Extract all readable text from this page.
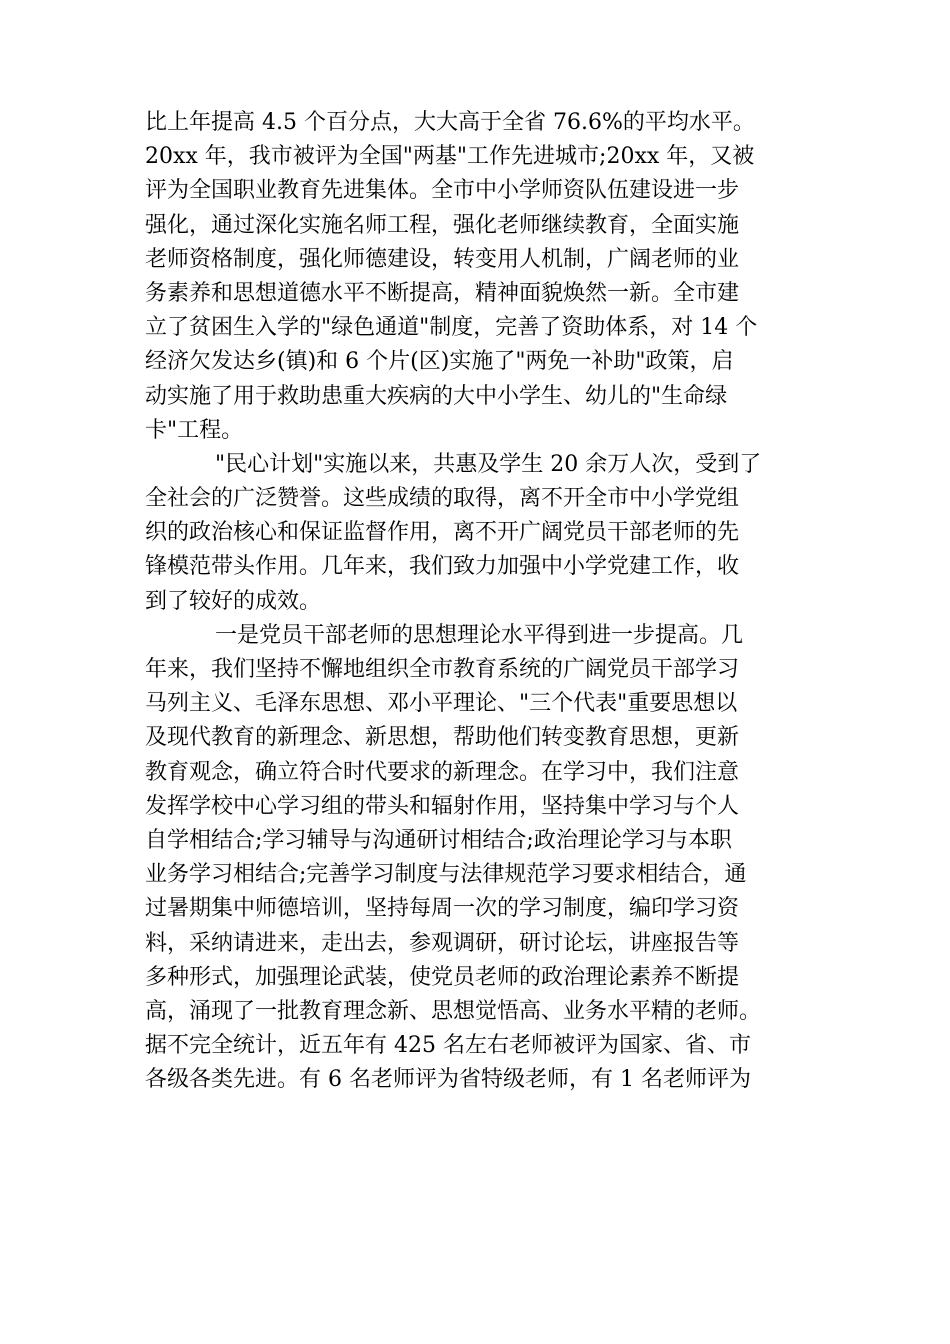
比上年提高 4.5 个百分点，大大高于全省 76.6%的平均水平。
20xx 年，我市被评为全国"两基"工作先进城市;20xx 年，又被
评为全国职业教育先进集体。全市中小学师资队伍建设进一步
强化，通过深化实施名师工程，强化老师继续教育，全面实施
老师资格制度，强化师德建设，转变用人机制，广阔老师的业
务素养和思想道德水平不断提高，精神面貌焕然一新。全市建
立了贫困生入学的"绿色通道"制度，完善了资助体系，对 14 个
经济欠发达乡(镇)和 6 个片(区)实施了"两免一补助"政策，启
动实施了用于救助患重大疾病的大中小学生、幼儿的"生命绿
卡"工程。
"民心计划"实施以来，共惠及学生 20 余万人次，受到了
全社会的广泛赞誉。这些成绩的取得，离不开全市中小学党组
织的政治核心和保证监督作用，离不开广阔党员干部老师的先
锋模范带头作用。几年来，我们致力加强中小学党建工作，收
到了较好的成效。
一是党员干部老师的思想理论水平得到进一步提高。几
年来，我们坚持不懈地组织全市教育系统的广阔党员干部学习
马列主义、毛泽东思想、邓小平理论、"三个代表"重要思想以
及现代教育的新理念、新思想，帮助他们转变教育思想，更新
教育观念，确立符合时代要求的新理念。在学习中，我们注意
发挥学校中心学习组的带头和辐射作用，坚持集中学习与个人
自学相结合;学习辅导与沟通研讨相结合;政治理论学习与本职
业务学习相结合;完善学习制度与法律规范学习要求相结合，通
过暑期集中师德培训，坚持每周一次的学习制度，编印学习资
料，采纳请进来，走出去，参观调研，研讨论坛，讲座报告等
多种形式，加强理论武装，使党员老师的政治理论素养不断提
高，涌现了一批教育理念新、思想觉悟高、业务水平精的老师。
据不完全统计，近五年有 425 名左右老师被评为国家、省、市
各级各类先进。有 6 名老师评为省特级老师，有 1 名老师评为
